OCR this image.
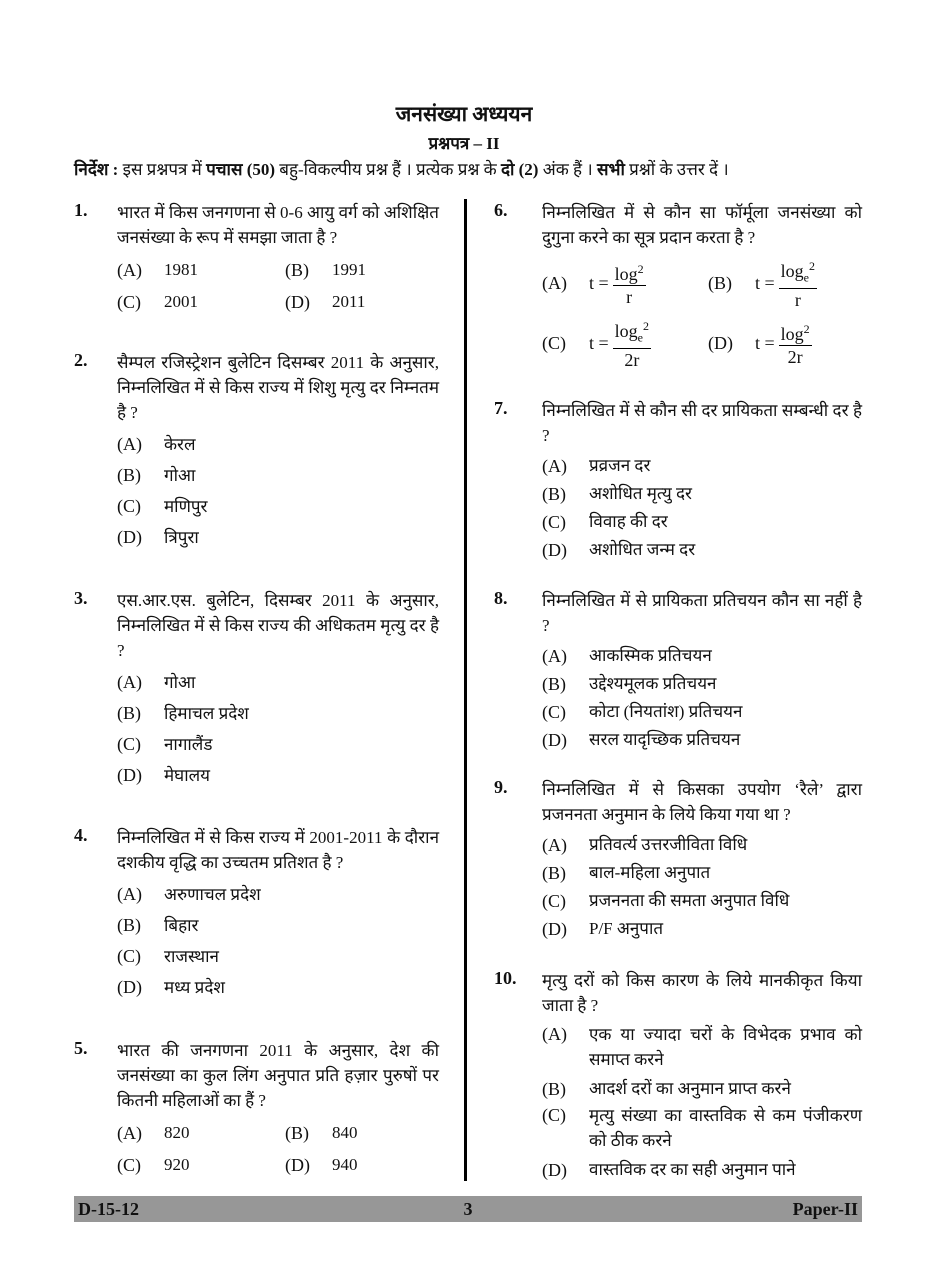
जनसंख्या अध्ययन
प्रश्नपत्र – II
निर्देश : इस प्रश्नपत्र में पचास (50) बहु-विकल्पीय प्रश्न हैं । प्रत्येक प्रश्न के दो (2) अंक हैं । सभी प्रश्नों के उत्तर दें ।
1. भारत में किस जनगणना से 0-6 आयु वर्ग को अशिक्षित जनसंख्या के रूप में समझा जाता है ?
(A)	1981	(B)	1991
(C)	2001	(D)	2011
2. सैम्पल रजिस्ट्रेशन बुलेटिन दिसम्बर 2011 के अनुसार, निम्नलिखित में से किस राज्य में शिशु मृत्यु दर निम्नतम है ?
(A)	केरल
(B)	गोआ
(C)	मणिपुर
(D)	त्रिपुरा
3. एस.आर.एस. बुलेटिन, दिसम्बर 2011 के अनुसार, निम्नलिखित में से किस राज्य की अधिकतम मृत्यु दर है ?
(A)	गोआ
(B)	हिमाचल प्रदेश
(C)	नागालैंड
(D)	मेघालय
4. निम्नलिखित में से किस राज्य में 2001-2011 के दौरान दशकीय वृद्धि का उच्चतम प्रतिशत है ?
(A)	अरुणाचल प्रदेश
(B)	बिहार
(C)	राजस्थान
(D)	मध्य प्रदेश
5. भारत की जनगणना 2011 के अनुसार, देश की जनसंख्या का कुल लिंग अनुपात प्रति हज़ार पुरुषों पर कितनी महिलाओं का हैं ?
(A)	820	(B)	840
(C)	920	(D)	940
6. निम्नलिखित में से कौन सा फॉर्मूला जनसंख्या को दुगुना करने का सूत्र प्रदान करता है ?
(A)	$t = \frac{\log^2}{r}$	(B)	$t = \frac{\log_e^2}{r}$
(C)	$t = \frac{\log_e^2}{2r}$	(D)	$t = \frac{\log^2}{2r}$
7. निम्नलिखित में से कौन सी दर प्रायिकता सम्बन्धी दर है ?
(A)	प्रव्रजन दर
(B)	अशोधित मृत्यु दर
(C)	विवाह की दर
(D)	अशोधित जन्म दर
8. निम्नलिखित में से प्रायिकता प्रतिचयन कौन सा नहीं है ?
(A)	आकस्मिक प्रतिचयन
(B)	उद्देश्यमूलक प्रतिचयन
(C)	कोटा (नियतांश) प्रतिचयन
(D)	सरल यादृच्छिक प्रतिचयन
9. निम्नलिखित में से किसका उपयोग ‘रैले’ द्वारा प्रजननता अनुमान के लिये किया गया था ?
(A)	प्रतिवर्त्य उत्तरजीविता विधि
(B)	बाल-महिला अनुपात
(C)	प्रजननता की समता अनुपात विधि
(D)	P/F अनुपात
10. मृत्यु दरों को किस कारण के लिये मानकीकृत किया जाता है ?
(A)	एक या ज्यादा चरों के विभेदक प्रभाव को समाप्त करने
(B)	आदर्श दरों का अनुमान प्राप्त करने
(C)	मृत्यु संख्या का वास्तविक से कम पंजीकरण को ठीक करने
(D)	वास्तविक दर का सही अनुमान पाने
D-15-12	3	Paper-II
